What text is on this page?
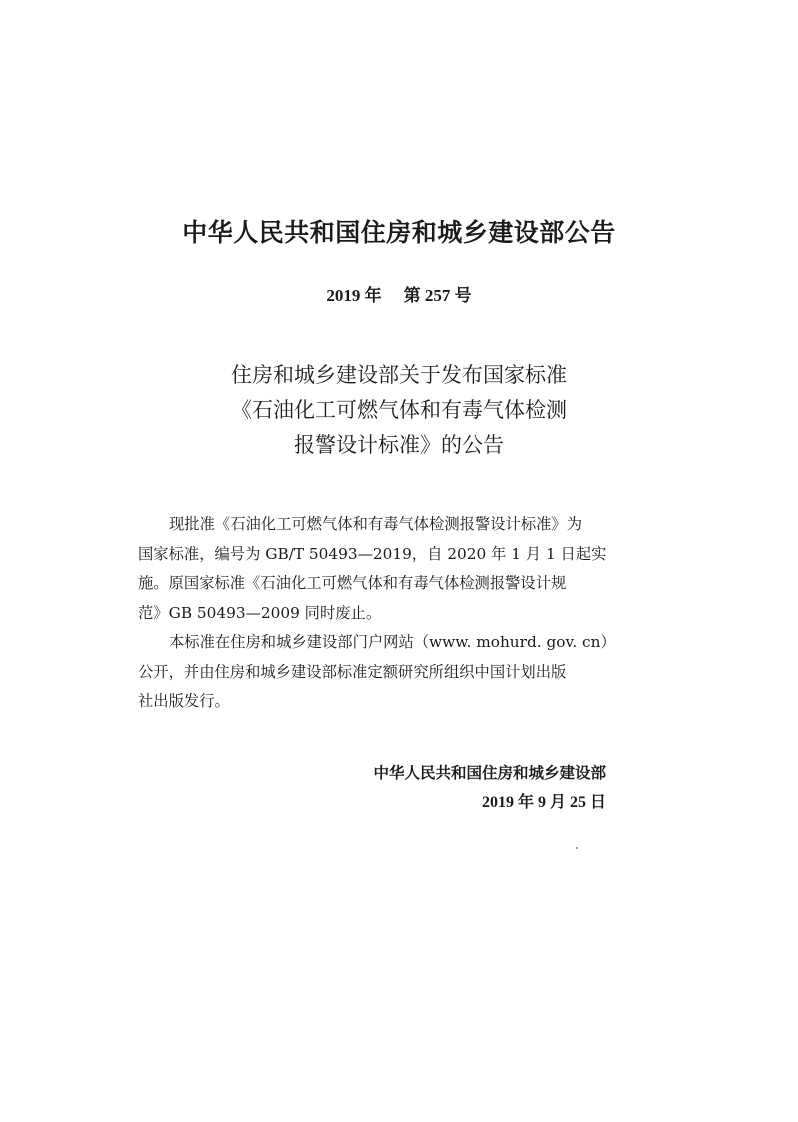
中华人民共和国住房和城乡建设部公告
2019 年 第 257 号
住房和城乡建设部关于发布国家标准
《石油化工可燃气体和有毒气体检测
报警设计标准》的公告
现批准《石油化工可燃气体和有毒气体检测报警设计标准》为
国家标准，编号为 GB/T 50493—2019，自 2020 年 1 月 1 日起实
施。原国家标准《石油化工可燃气体和有毒气体检测报警设计规
范》GB 50493—2009 同时废止。
本标准在住房和城乡建设部门户网站（www. mohurd. gov. cn）
公开，并由住房和城乡建设部标准定额研究所组织中国计划出版
社出版发行。
中华人民共和国住房和城乡建设部
2019 年 9 月 25 日
